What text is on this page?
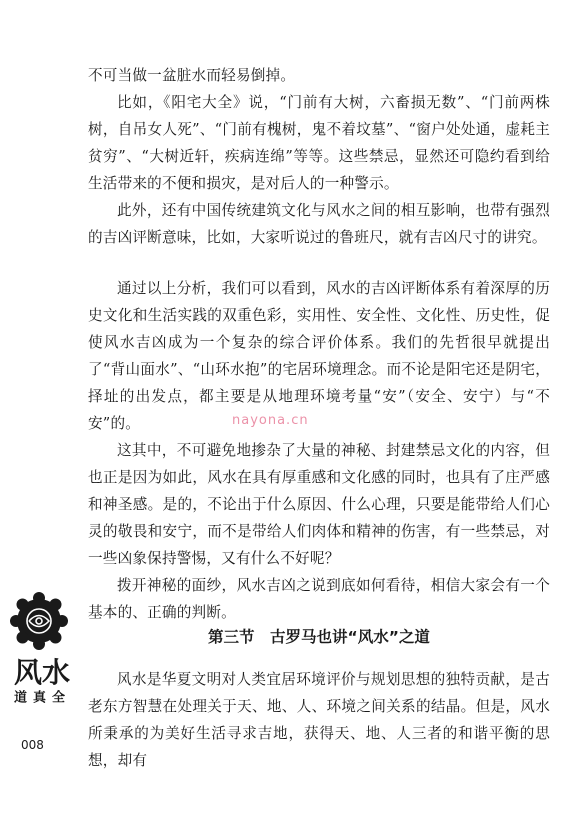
不可当做一盆脏水而轻易倒掉。

比如，《阳宅大全》说，“门前有大树，六畜损无数”、“门前两株树，自吊女人死”、“门前有槐树，鬼不着坟墓”、“窗户处处通，虚耗主贫穷”、“大树近轩，疾病连绵”等等。这些禁忌，显然还可隐约看到给生活带来的不便和损灾，是对后人的一种警示。

此外，还有中国传统建筑文化与风水之间的相互影响，也带有强烈的吉凶评断意味，比如，大家听说过的鲁班尺，就有吉凶尺寸的讲究。

通过以上分析，我们可以看到，风水的吉凶评断体系有着深厚的历史文化和生活实践的双重色彩，实用性、安全性、文化性、历史性，促使风水吉凶成为一个复杂的综合评价体系。我们的先哲很早就提出了“背山面水”、“山环水抱”的宅居环境理念。而不论是阳宅还是阴宅，择址的出发点，都主要是从地理环境考量“安”（安全、安宁）与“不安”的。

这其中，不可避免地掺杂了大量的神秘、封建禁忌文化的内容，但也正是因为如此，风水在具有厚重感和文化感的同时，也具有了庄严感和神圣感。是的，不论出于什么原因、什么心理，只要是能带给人们心灵的敬畏和安宁，而不是带给人们肉体和精神的伤害，有一些禁忌，对一些凶象保持警惕，又有什么不好呢？

拨开神秘的面纱，风水吉凶之说到底如何看待，相信大家会有一个基本的、正确的判断。

nayona.cn
第三节　古罗马也讲“风水”之道

风水是华夏文明对人类宜居环境评价与规划思想的独特贡献，是古老东方智慧在处理关于天、地、人、环境之间关系的结晶。但是，风水所秉承的为美好生活寻求吉地，获得天、地、人三者的和谐平衡的思想，却有

风水
全真道
008
